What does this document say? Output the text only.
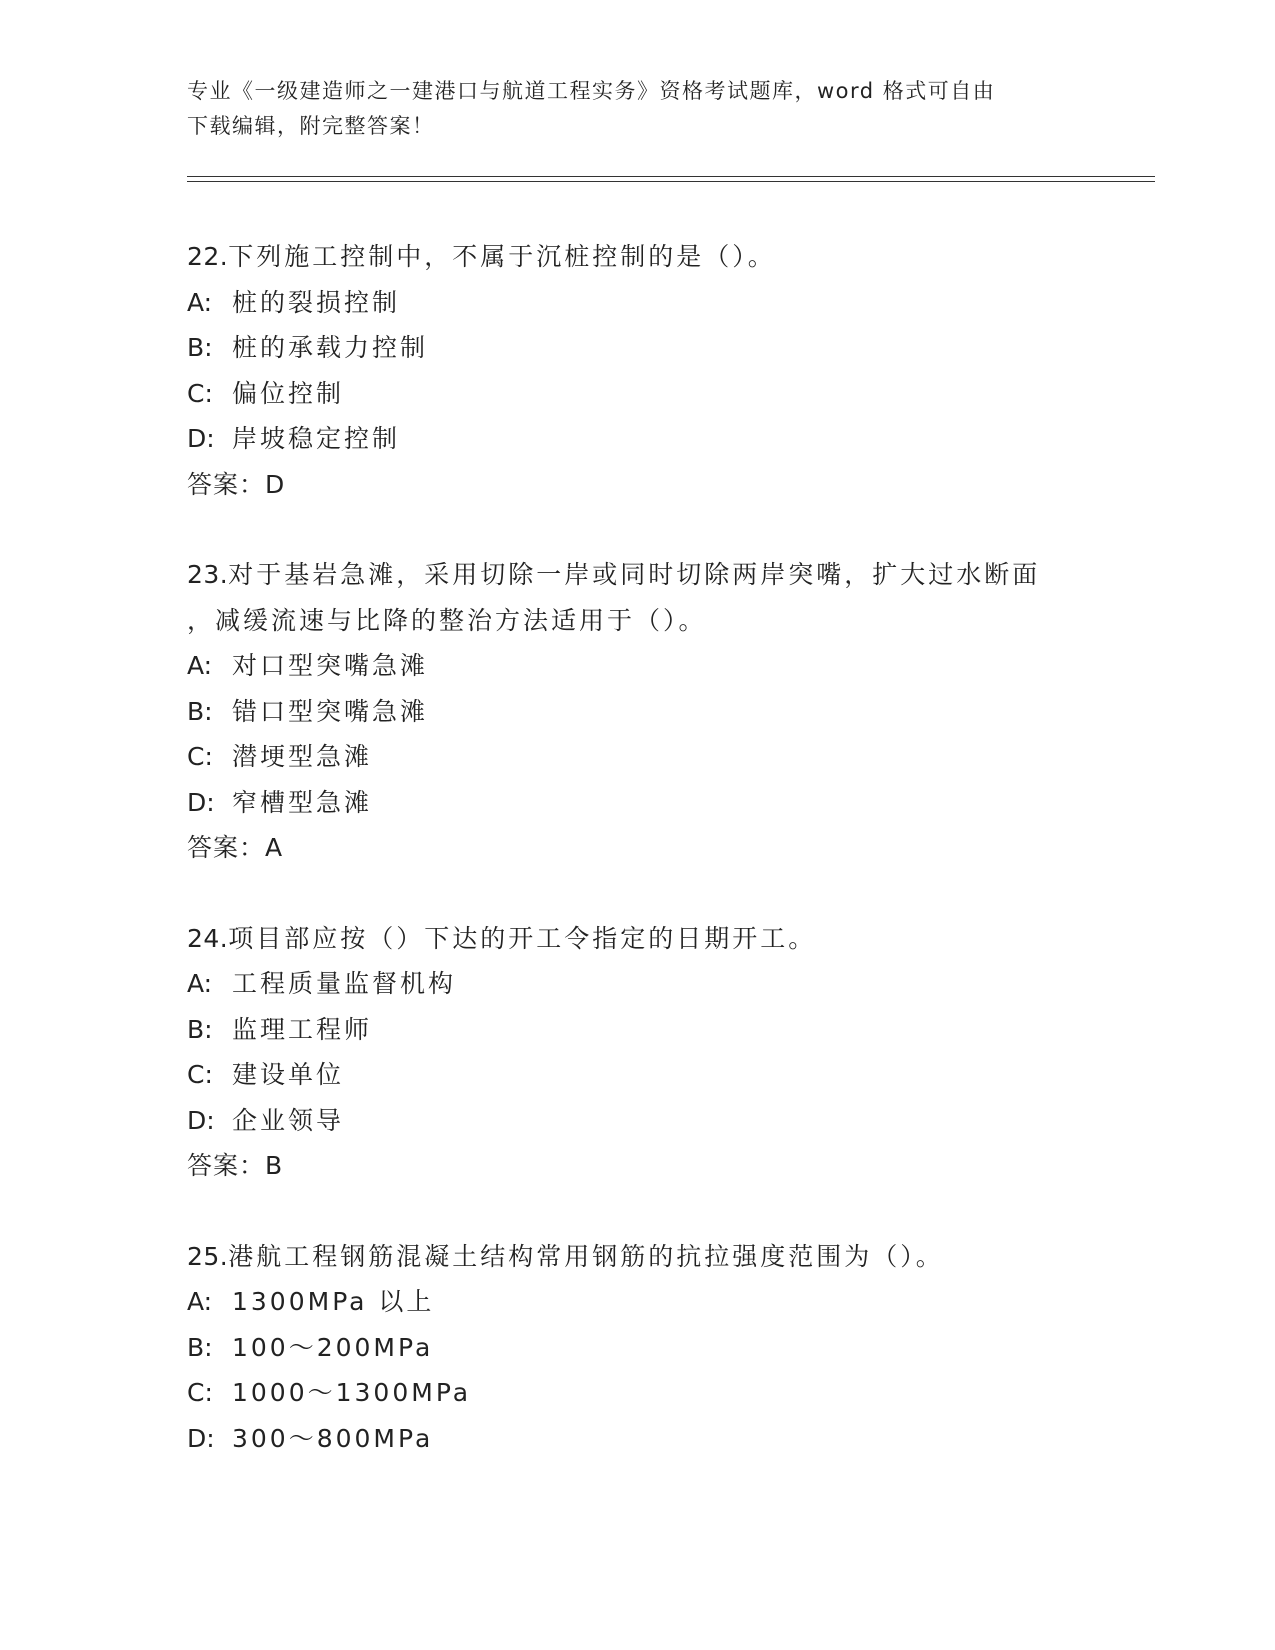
专业《一级建造师之一建港口与航道工程实务》资格考试题库，word 格式可自由
下载编辑，附完整答案！
22.下列施工控制中，不属于沉桩控制的是（）。
A: 桩的裂损控制
B: 桩的承载力控制
C: 偏位控制
D: 岸坡稳定控制
答案：D
23.对于基岩急滩，采用切除一岸或同时切除两岸突嘴，扩大过水断面
，减缓流速与比降的整治方法适用于（）。
A: 对口型突嘴急滩
B: 错口型突嘴急滩
C: 潜埂型急滩
D: 窄槽型急滩
答案：A
24.项目部应按（）下达的开工令指定的日期开工。
A: 工程质量监督机构
B: 监理工程师
C: 建设单位
D: 企业领导
答案：B
25.港航工程钢筋混凝土结构常用钢筋的抗拉强度范围为（）。
A: 1300MPa 以上
B: 100～200MPa
C: 1000～1300MPa
D: 300～800MPa
